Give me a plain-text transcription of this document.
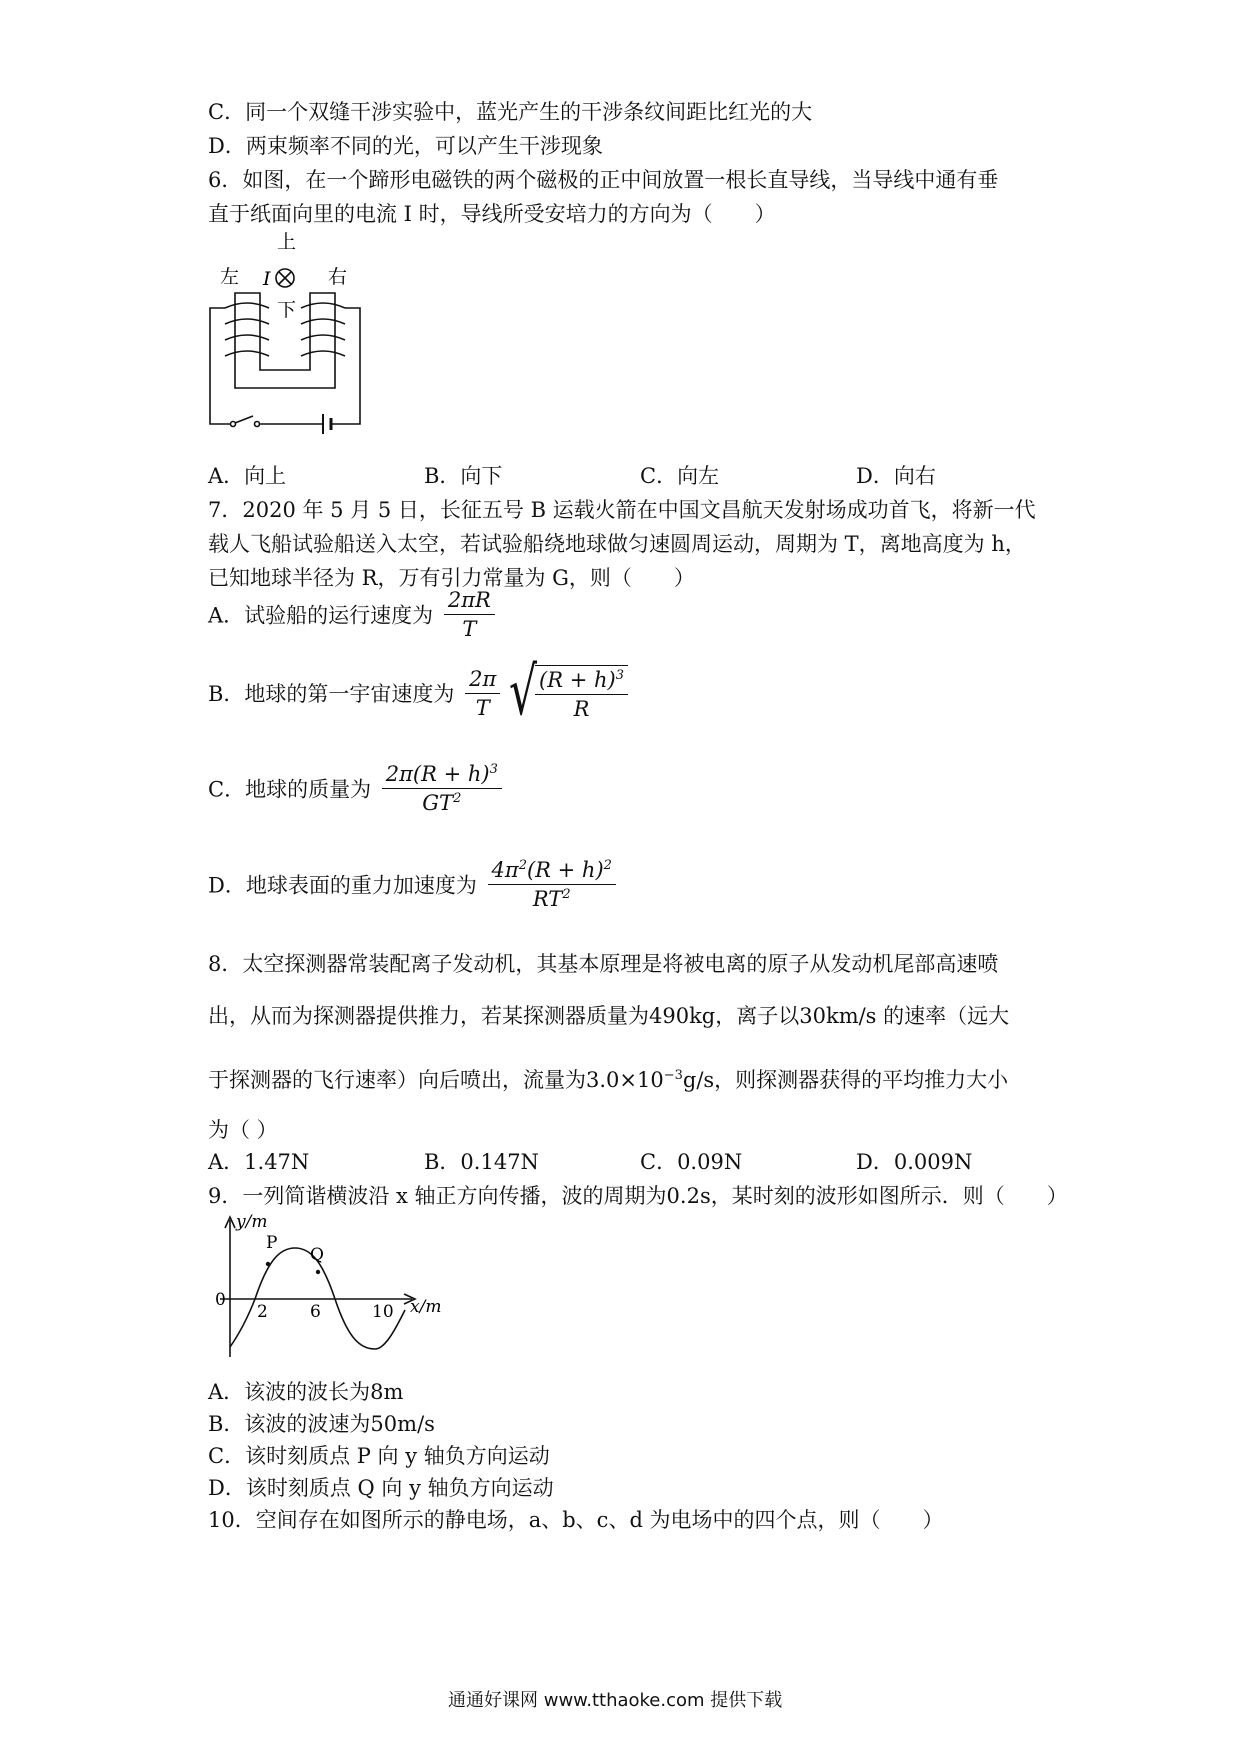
C．同一个双缝干涉实验中，蓝光产生的干涉条纹间距比红光的大
D．两束频率不同的光，可以产生干涉现象
6．如图，在一个蹄形电磁铁的两个磁极的正中间放置一根长直导线，当导线中通有垂
直于纸面向里的电流 I 时，导线所受安培力的方向为（　　）
上
下
左	右
I
A．向上	B．向下	C．向左	D．向右
7．2020 年 5 月 5 日，长征五号 B 运载火箭在中国文昌航天发射场成功首飞，将新一代
载人飞船试验船送入太空，若试验船绕地球做匀速圆周运动，周期为 T，离地高度为 h，
已知地球半径为 R，万有引力常量为 G，则（　　）
A．试验船的运行速度为 $\frac{2\pi R}{T}$
B．地球的第一宇宙速度为 $\frac{2\pi}{T}$ √
$\frac{(R + h)^3}{R}$
C．地球的质量为 $\frac{2\pi(R + h)^3}{GT^2}$
D．地球表面的重力加速度为 $\frac{4\pi^2(R + h)^2}{RT^2}$
8．太空探测器常装配离子发动机，其基本原理是将被电离的原子从发动机尾部高速喷
出，从而为探测器提供推力，若某探测器质量为490kg，离子以30km/s 的速率（远大
于探测器的飞行速率）向后喷出，流量为$3.0\times 10^{-3}g/s$，则探测器获得的平均推力大小
为（ ）
A．1.47N	B．0.147N	C．0.09N	D．0.009N
9．一列简谐横波沿 x 轴正方向传播，波的周期为0.2s，某时刻的波形如图所示．则（　　）
y/m
x/m
0
2 6	10
P
Q
A．该波的波长为8m
B．该波的波速为50m/s
C．该时刻质点 P 向 y 轴负方向运动
D．该时刻质点 Q 向 y 轴负方向运动
10．空间存在如图所示的静电场，a、b、c、d 为电场中的四个点，则（　　）
通通好课网 www.tthaoke.com 提供下载
